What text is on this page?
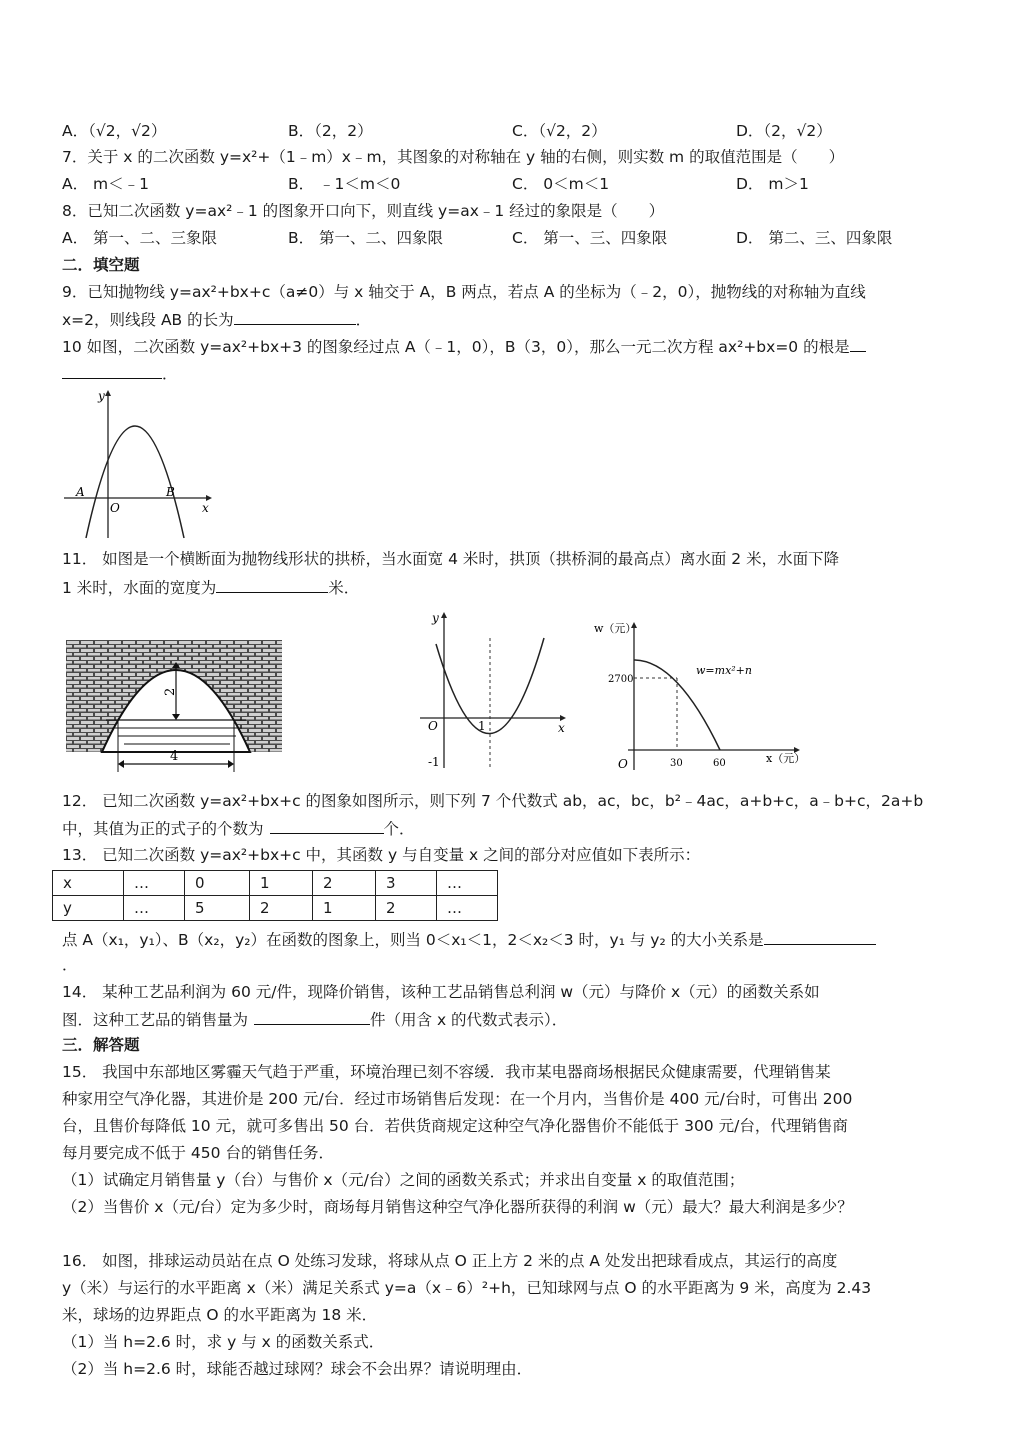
A．（√2，√2）	B．（2，2）	C．（√2，2）	D．（2，√2）
7．关于 x 的二次函数 y=x²+（1﹣m）x﹣m，其图象的对称轴在 y 轴的右侧，则实数 m 的取值范围是（　　）
A． m＜﹣1	B． ﹣1＜m＜0	C． 0＜m＜1	D． m＞1
8．已知二次函数 y=ax²﹣1 的图象开口向下，则直线 y=ax﹣1 经过的象限是（　　）
A． 第一、二、三象限	B． 第一、二、四象限	C． 第一、三、四象限	D． 第二、三、四象限
二．填空题
9．已知抛物线 y=ax²+bx+c（a≠0）与 x 轴交于 A，B 两点，若点 A 的坐标为（﹣2，0），抛物线的对称轴为直线
x=2，则线段 AB 的长为	．
10 如图，二次函数 y=ax²+bx+3 的图象经过点 A（﹣1，0），B（3，0），那么一元二次方程 ax²+bx=0 的根是
．
y
x
A	B
O
11． 如图是一个横断面为抛物线形状的拱桥，当水面宽 4 米时，拱顶（拱桥洞的最高点）离水面 2 米，水面下降
1 米时，水面的宽度为	米．
2
4
y
x
O	1
-1
w（元）
x（元）
O
2700
30	60
w=mx²+n
12． 已知二次函数 y=ax²+bx+c 的图象如图所示，则下列 7 个代数式 ab，ac，bc，b²﹣4ac，a+b+c，a﹣b+c，2a+b
中，其值为正的式子的个数为	个．
13． 已知二次函数 y=ax²+bx+c 中，其函数 y 与自变量 x 之间的部分对应值如下表所示：
x	…	0	1	2	3	…
y	…	5	2	1	2	…
点 A（x₁，y₁）、B（x₂，y₂）在函数的图象上，则当 0＜x₁＜1，2＜x₂＜3 时，y₁ 与 y₂ 的大小关系是
．
14． 某种工艺品利润为 60 元/件，现降价销售，该种工艺品销售总利润 w（元）与降价 x（元）的函数关系如
图．这种工艺品的销售量为	件（用含 x 的代数式表示）．
三．解答题
15． 我国中东部地区雾霾天气趋于严重，环境治理已刻不容缓．我市某电器商场根据民众健康需要，代理销售某
种家用空气净化器，其进价是 200 元/台．经过市场销售后发现：在一个月内，当售价是 400 元/台时，可售出 200
台，且售价每降低 10 元，就可多售出 50 台．若供货商规定这种空气净化器售价不能低于 300 元/台，代理销售商
每月要完成不低于 450 台的销售任务．
（1）试确定月销售量 y（台）与售价 x（元/台）之间的函数关系式；并求出自变量 x 的取值范围；
（2）当售价 x（元/台）定为多少时，商场每月销售这种空气净化器所获得的利润 w（元）最大？最大利润是多少？
16． 如图，排球运动员站在点 O 处练习发球，将球从点 O 正上方 2 米的点 A 处发出把球看成点，其运行的高度
y（米）与运行的水平距离 x（米）满足关系式 y=a（x﹣6）²+h，已知球网与点 O 的水平距离为 9 米，高度为 2.43
米，球场的边界距点 O 的水平距离为 18 米．
（1）当 h=2.6 时，求 y 与 x 的函数关系式．
（2）当 h=2.6 时，球能否越过球网？球会不会出界？请说明理由．
